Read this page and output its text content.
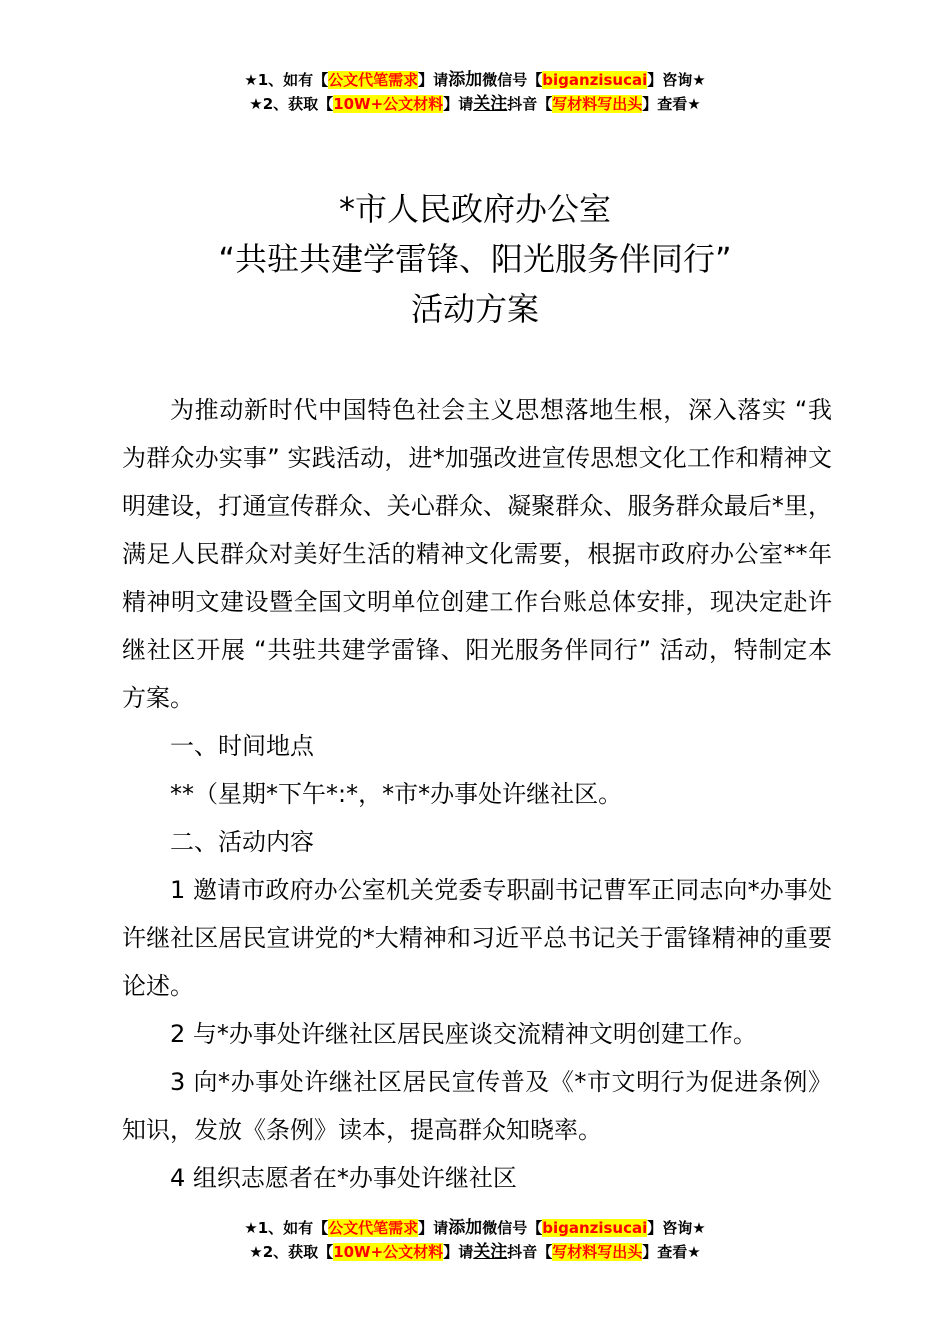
★1、如有【公文代笔需求】请添加微信号【biganzisucai】咨询★
★2、获取【10W+公文材料】请关注抖音【写材料写出头】查看★
*市人民政府办公室
“共驻共建学雷锋、阳光服务伴同行”
活动方案
为推动新时代中国特色社会主义思想落地生根，深入落实 “我为群众办实事” 实践活动，进*加强改进宣传思想文化工作和精神文明建设，打通宣传群众、关心群众、凝聚群众、服务群众最后*里，满足人民群众对美好生活的精神文化需要，根据市政府办公室**年精神明文建设暨全国文明单位创建工作台账总体安排，现决定赴许继社区开展 “共驻共建学雷锋、阳光服务伴同行” 活动，特制定本方案。
一、时间地点
**（星期*下午*:*，*市*办事处许继社区。
二、活动内容
1 邀请市政府办公室机关党委专职副书记曹军正同志向*办事处许继社区居民宣讲党的*大精神和习近平总书记关于雷锋精神的重要论述。
2 与*办事处许继社区居民座谈交流精神文明创建工作。
3 向*办事处许继社区居民宣传普及《*市文明行为促进条例》知识，发放《条例》读本，提高群众知晓率。
4 组织志愿者在*办事处许继社区
★1、如有【公文代笔需求】请添加微信号【biganzisucai】咨询★
★2、获取【10W+公文材料】请关注抖音【写材料写出头】查看★
